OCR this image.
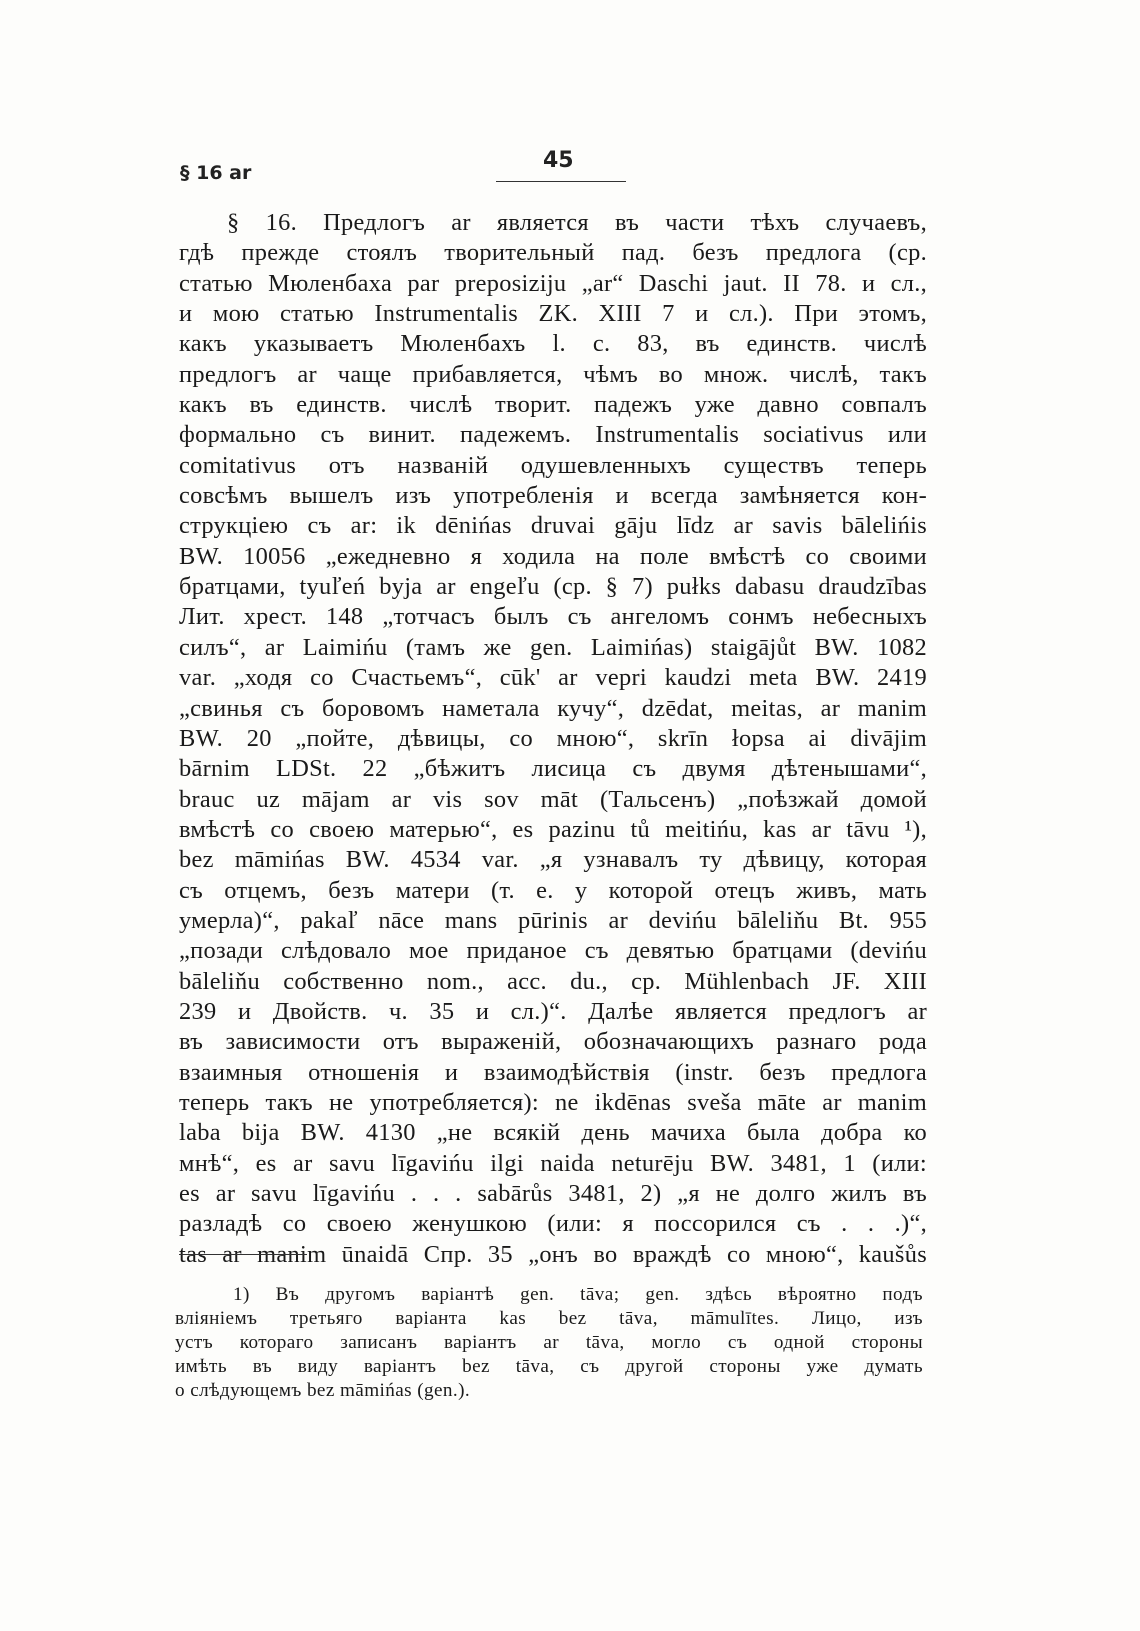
§ 16 ar	45
§ 16. Предлогъ ar является въ части тѣхъ случаевъ,
гдѣ прежде стоялъ творительный пад. безъ предлога (ср.
статью Мюленбаха par preposiziju „ar“ Daschi jaut. II 78. и сл.,
и мою статью Instrumentalis ZK. XIII 7 и сл.). При этомъ,
какъ указываетъ Мюленбахъ l. c. 83, въ единств. числѣ
предлогъ ar чаще прибавляется, чѣмъ во множ. числѣ, такъ
какъ въ единств. числѣ творит. падежъ уже давно совпалъ
формально съ винит. падежемъ. Instrumentalis sociativus или
comitativus отъ названій одушевленныхъ существъ теперь
совсѣмъ вышелъ изъ употребленія и всегда замѣняется кон-
струкціею съ ar: ik dēnińas druvai gāju līdz ar savis bālelińis
BW. 10056 „ежедневно я ходила на поле вмѣстѣ со своими
братцами, tyuľeń byja ar engeľu (ср. § 7) pułks dabasu draudzības
Лит. хрест. 148 „тотчасъ былъ съ ангеломъ сонмъ небесныхъ
силъ“, ar Laimińu (тамъ же gen. Laimińas) staigājůt BW. 1082
var. „ходя со Счастьемъ“, cūk' ar vepri kaudzi meta BW. 2419
„свинья съ боровомъ наметала кучу“, dzēdat, meitas, ar manim
BW. 20 „пойте, дѣвицы, со мною“, skrīn łopsa ai divājim
bārnim LDSt. 22 „бѣжитъ лисица съ двумя дѣтенышами“,
brauc uz mājam ar vis sov māt (Тальсенъ) „поѣзжай домой
вмѣстѣ со своею матерью“, es pazinu tů meitińu, kas ar tāvu ¹),
bez māmińas BW. 4534 var. „я узнавалъ ту дѣвицу, которая
съ отцемъ, безъ матери (т. е. у которой отецъ живъ, мать
умерла)“, pakaľ nāce mans pūrinis ar devińu bāleliňu Bt. 955
„позади слѣдовало мое приданое съ девятью братцами (devińu
bāleliňu собственно nom., acc. du., ср. Mühlenbach JF. XIII
239 и Двойств. ч. 35 и сл.)“. Далѣе является предлогъ ar
въ зависимости отъ выраженій, обозначающихъ разнаго рода
взаимныя отношенія и взаимодѣйствія (instr. безъ предлога
теперь такъ не употребляется): ne ikdēnas sveša māte ar manim
laba bija BW. 4130 „не всякій день мачиха была добра ко
мнѣ“, es ar savu līgavińu ilgi naida neturēju BW. 3481, 1 (или:
es ar savu līgavińu . . . sabārůs 3481, 2) „я не долго жилъ въ
разладѣ со своею женушкою (или: я поссорился съ . . .)“,
tas ar manim ūnaidā Спр. 35 „онъ во враждѣ со мною“, kaušůs
1) Въ другомъ варіантѣ gen. tāva; gen. здѣсь вѣроятно подъ
вліяніемъ третьяго варіанта kas bez tāva, māmulītes. Лицо, изъ
устъ котораго записанъ варіантъ ar tāva, могло съ одной стороны
имѣть въ виду варіантъ bez tāva, съ другой стороны уже думать
о слѣдующемъ bez māmińas (gen.).
